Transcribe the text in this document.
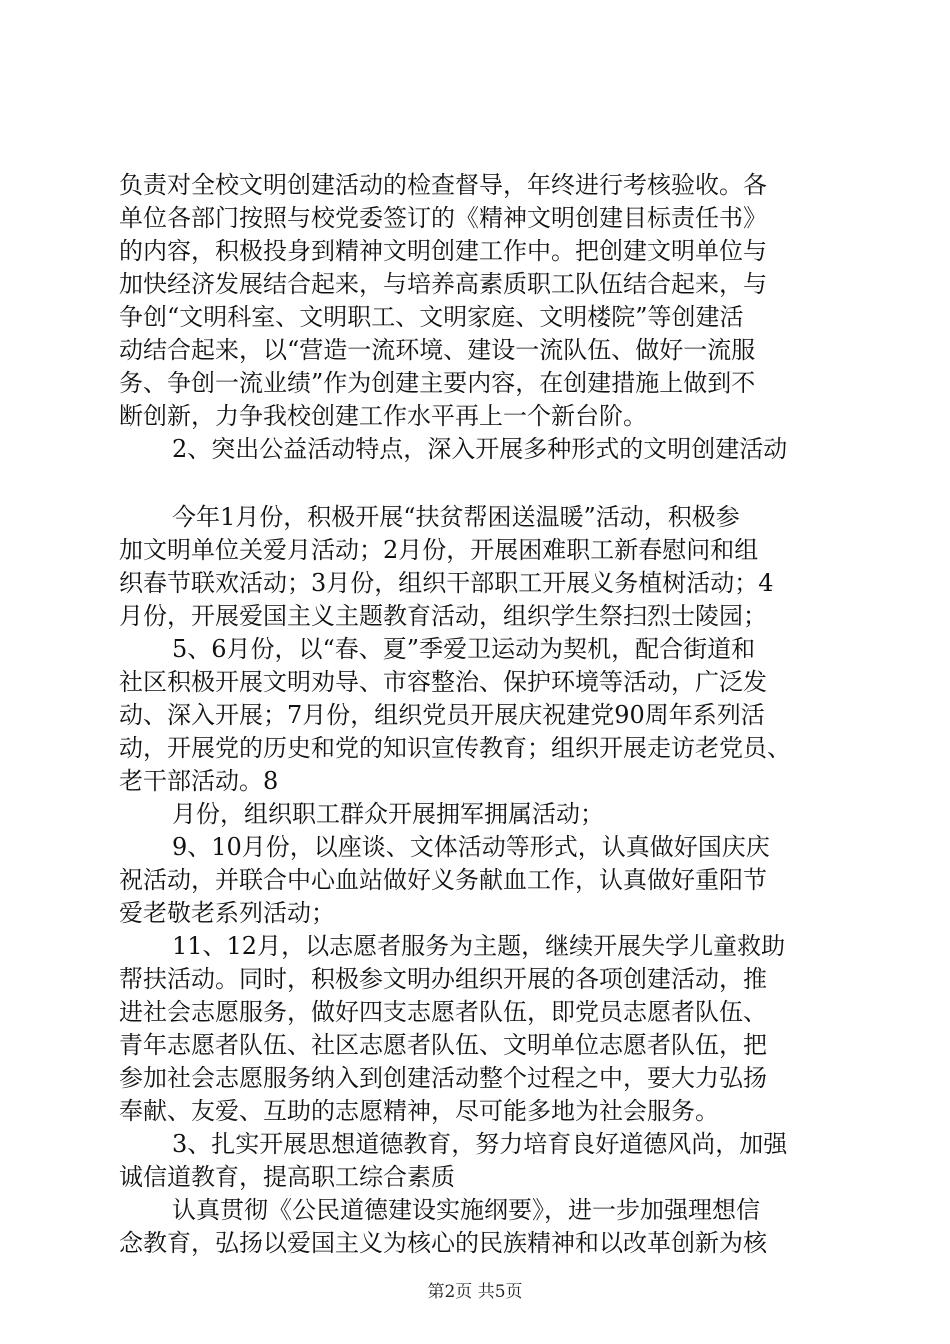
负责对全校文明创建活动的检查督导，年终进行考核验收。各
单位各部门按照与校党委签订的《精神文明创建目标责任书》
的内容，积极投身到精神文明创建工作中。把创建文明单位与
加快经济发展结合起来，与培养高素质职工队伍结合起来，与
争创“文明科室、文明职工、文明家庭、文明楼院”等创建活
动结合起来，以“营造一流环境、建设一流队伍、做好一流服
务、争创一流业绩”作为创建主要内容，在创建措施上做到不
断创新，力争我校创建工作水平再上一个新台阶。
2、突出公益活动特点，深入开展多种形式的文明创建活动
今年1月份，积极开展“扶贫帮困送温暖”活动，积极参
加文明单位关爱月活动；2月份，开展困难职工新春慰问和组
织春节联欢活动；3月份，组织干部职工开展义务植树活动；4
月份，开展爱国主义主题教育活动，组织学生祭扫烈士陵园；
5、6月份，以“春、夏”季爱卫运动为契机，配合街道和
社区积极开展文明劝导、市容整治、保护环境等活动，广泛发
动、深入开展；7月份，组织党员开展庆祝建党90周年系列活
动，开展党的历史和党的知识宣传教育；组织开展走访老党员、
老干部活动。8
月份，组织职工群众开展拥军拥属活动；
9、10月份，以座谈、文体活动等形式，认真做好国庆庆
祝活动，并联合中心血站做好义务献血工作，认真做好重阳节
爱老敬老系列活动；
11、12月，以志愿者服务为主题，继续开展失学儿童救助
帮扶活动。同时，积极参文明办组织开展的各项创建活动，推
进社会志愿服务，做好四支志愿者队伍，即党员志愿者队伍、
青年志愿者队伍、社区志愿者队伍、文明单位志愿者队伍，把
参加社会志愿服务纳入到创建活动整个过程之中，要大力弘扬
奉献、友爱、互助的志愿精神，尽可能多地为社会服务。
3、扎实开展思想道德教育，努力培育良好道德风尚，加强
诚信道教育，提高职工综合素质
认真贯彻《公民道德建设实施纲要》，进一步加强理想信
念教育，弘扬以爱国主义为核心的民族精神和以改革创新为核
第2页 共5页
